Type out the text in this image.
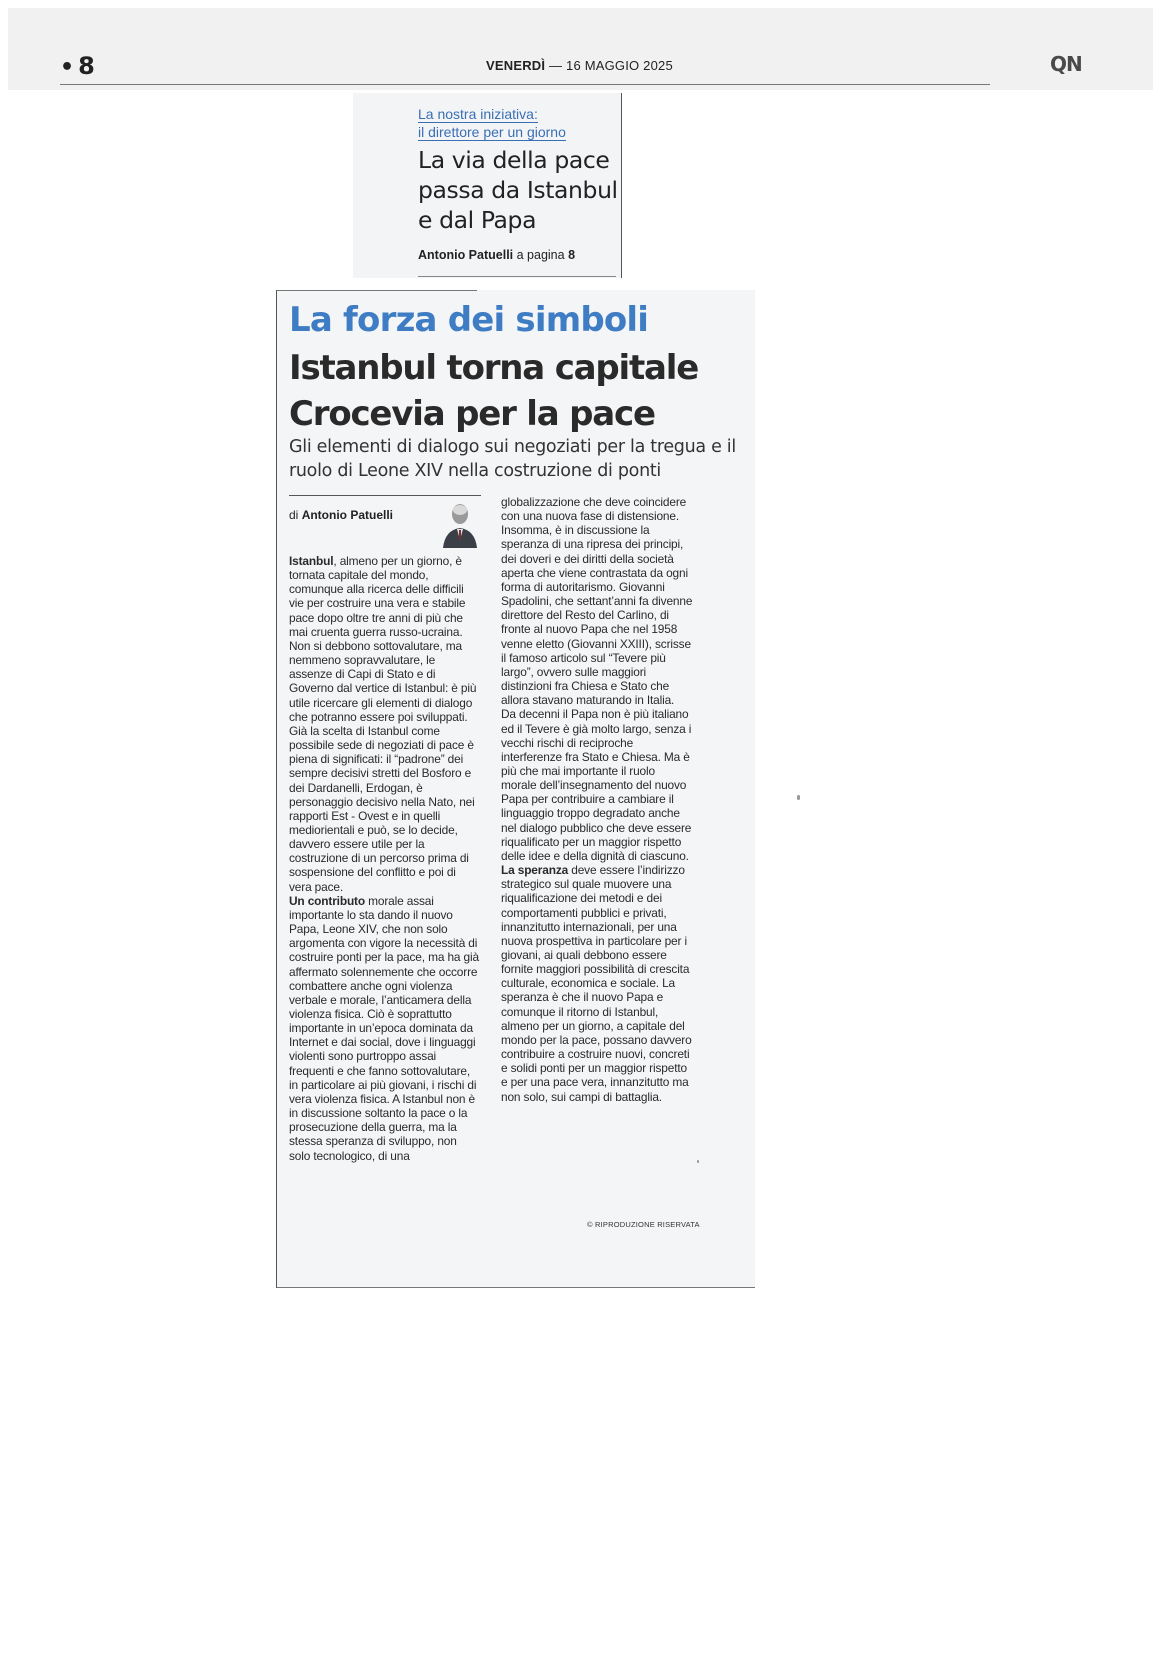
• 8	VENERDÌ — 16 MAGGIO 2025	QN
La nostra iniziativa:
il direttore per un giorno
La via della pace passa da Istanbul e dal Papa
Antonio Patuelli a pagina 8
La forza dei simboli
Istanbul torna capitale
Crocevia per la pace
Gli elementi di dialogo sui negoziati per la tregua e il ruolo di Leone XIV nella costruzione di ponti
di Antonio Patuelli

Istanbul, almeno per un giorno, è tornata capitale del mondo, comunque alla ricerca delle difficili vie per costruire una vera e stabile pace dopo oltre tre anni di più che mai cruenta guerra russo-ucraina. Non si debbono sottovalutare, ma nemmeno sopravvalutare, le assenze di Capi di Stato e di Governo dal vertice di Istanbul: è più utile ricercare gli elementi di dialogo che potranno essere poi sviluppati. Già la scelta di Istanbul come possibile sede di negoziati di pace è piena di significati: il “padrone” dei sempre decisivi stretti del Bosforo e dei Dardanelli, Erdogan, è personaggio decisivo nella Nato, nei rapporti Est - Ovest e in quelli mediorientali e può, se lo decide, davvero essere utile per la costruzione di un percorso prima di sospensione del conflitto e poi di vera pace.

Un contributo morale assai importante lo sta dando il nuovo Papa, Leone XIV, che non solo argomenta con vigore la necessità di costruire ponti per la pace, ma ha già affermato solennemente che occorre combattere anche ogni violenza verbale e morale, l’anticamera della violenza fisica. Ciò è soprattutto importante in un’epoca dominata da Internet e dai social, dove i linguaggi violenti sono purtroppo assai frequenti e che fanno sottovalutare, in particolare ai più giovani, i rischi di vera violenza fisica. A Istanbul non è in discussione soltanto la pace o la prosecuzione della guerra, ma la stessa speranza di sviluppo, non solo tecnologico, di una

globalizzazione che deve coincidere con una nuova fase di distensione. Insomma, è in discussione la speranza di una ripresa dei principi, dei doveri e dei diritti della società aperta che viene contrastata da ogni forma di autoritarismo. Giovanni Spadolini, che settant’anni fa divenne direttore del Resto del Carlino, di fronte al nuovo Papa che nel 1958 venne eletto (Giovanni XXIII), scrisse il famoso articolo sul “Tevere più largo”, ovvero sulle maggiori distinzioni fra Chiesa e Stato che allora stavano maturando in Italia.

Da decenni il Papa non è più italiano ed il Tevere è già molto largo, senza i vecchi rischi di reciproche interferenze fra Stato e Chiesa. Ma è più che mai importante il ruolo morale dell’insegnamento del nuovo Papa per contribuire a cambiare il linguaggio troppo degradato anche nel dialogo pubblico che deve essere riqualificato per un maggior rispetto delle idee e della dignità di ciascuno.

La speranza deve essere l’indirizzo strategico sul quale muovere una riqualificazione dei metodi e dei comportamenti pubblici e privati, innanzitutto internazionali, per una nuova prospettiva in particolare per i giovani, ai quali debbono essere fornite maggiori possibilità di crescita culturale, economica e sociale. La speranza è che il nuovo Papa e comunque il ritorno di Istanbul, almeno per un giorno, a capitale del mondo per la pace, possano davvero contribuire a costruire nuovi, concreti e solidi ponti per un maggior rispetto e per una pace vera, innanzitutto ma non solo, sui campi di battaglia.

© RIPRODUZIONE RISERVATA
